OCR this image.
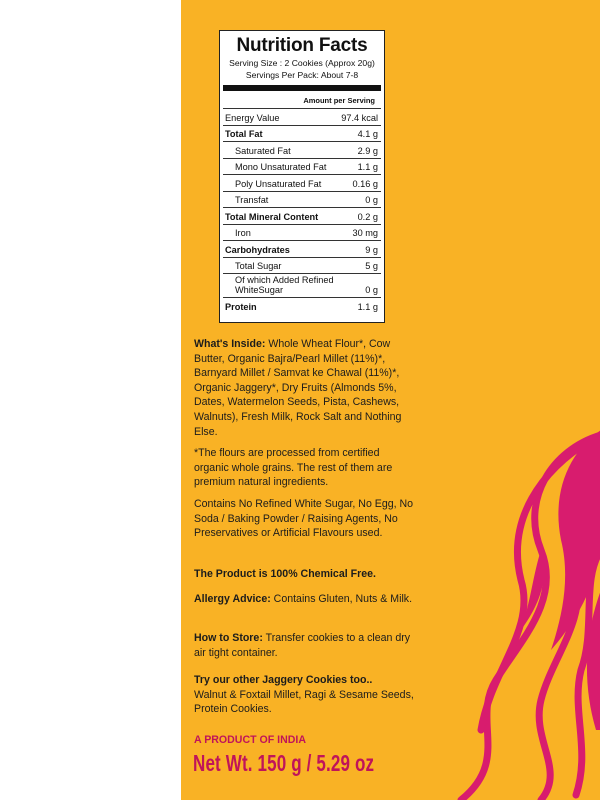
Nutrition Facts
Serving Size : 2 Cookies (Approx 20g)
Servings Per Pack: About 7-8
Amount per Serving
Energy Value	97.4 kcal
Total Fat	4.1 g
Saturated Fat	2.9 g
Mono Unsaturated Fat	1.1 g
Poly Unsaturated Fat	0.16 g
Transfat	0 g
Total Mineral Content	0.2 g
Iron	30 mg
Carbohydrates	9 g
Total Sugar	5 g
Of which Added Refined WhiteSugar	0 g
Protein	1.1 g
What's Inside: Whole Wheat Flour*, Cow Butter, Organic Bajra/Pearl Millet (11%)*, Barnyard Millet / Samvat ke Chawal (11%)*, Organic Jaggery*, Dry Fruits (Almonds 5%, Dates, Watermelon Seeds, Pista, Cashews, Walnuts), Fresh Milk, Rock Salt and Nothing Else.
*The flours are processed from certified organic whole grains. The rest of them are premium natural ingredients.
Contains No Refined White Sugar, No Egg, No Soda / Baking Powder / Raising Agents, No Preservatives or Artificial Flavours used.
The Product is 100% Chemical Free.
Allergy Advice: Contains Gluten, Nuts & Milk.
How to Store: Transfer cookies to a clean dry air tight container.
Try our other Jaggery Cookies too..
Walnut & Foxtail Millet, Ragi & Sesame Seeds, Protein Cookies.
A PRODUCT OF INDIA
Net Wt. 150 g / 5.29 oz
